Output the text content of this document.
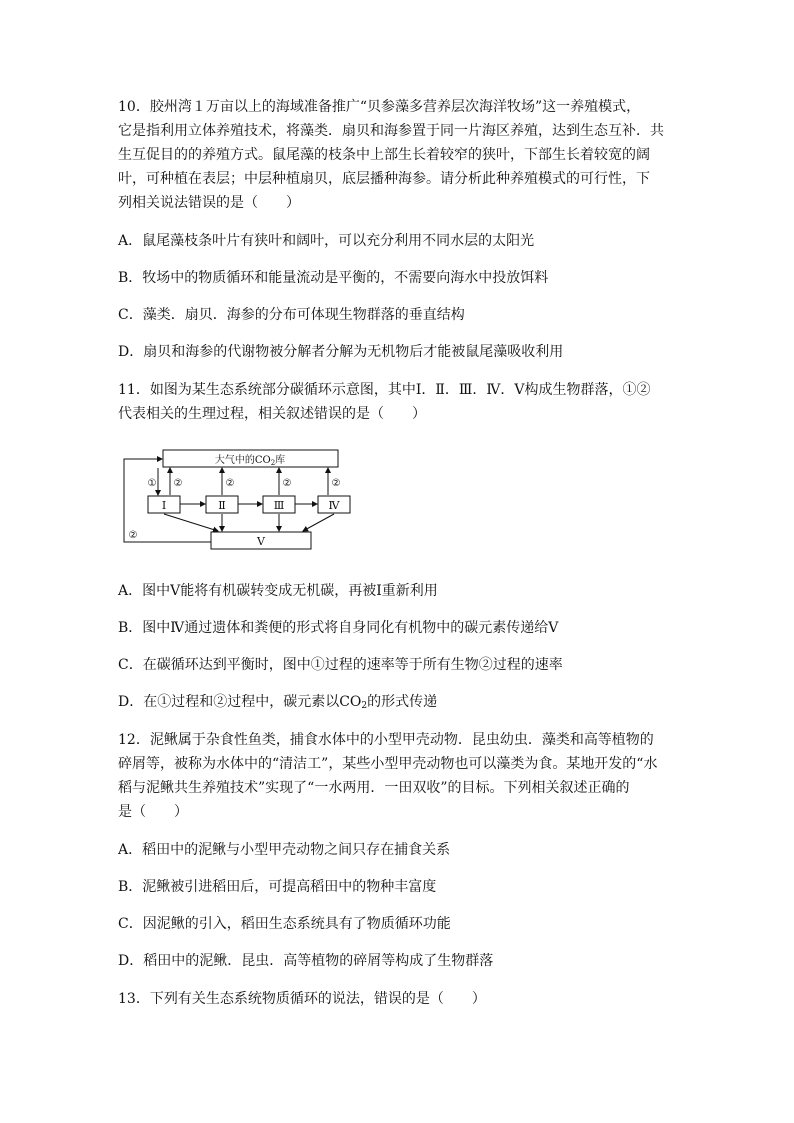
10．胶州湾１万亩以上的海域准备推广“贝参藻多营养层次海洋牧场”这一养殖模式，

它是指利用立体养殖技术，将藻类．扇贝和海参置于同一片海区养殖，达到生态互补．共

生互促目的的养殖方式。鼠尾藻的枝条中上部生长着较窄的狭叶，下部生长着较宽的阔

叶，可种植在表层；中层种植扇贝，底层播种海参。请分析此种养殖模式的可行性，下

列相关说法错误的是（　　）

A．鼠尾藻枝条叶片有狭叶和阔叶，可以充分利用不同水层的太阳光

B．牧场中的物质循环和能量流动是平衡的，不需要向海水中投放饵料

C．藻类．扇贝．海参的分布可体现生物群落的垂直结构

D．扇贝和海参的代谢物被分解者分解为无机物后才能被鼠尾藻吸收利用

11．如图为某生态系统部分碳循环示意图，其中Ⅰ．Ⅱ．Ⅲ．Ⅳ．Ⅴ构成生物群落，①②

代表相关的生理过程，相关叙述错误的是（　　）

大气中的$CO_2$库
Ⅰ	Ⅱ	Ⅲ	Ⅳ
Ⅴ
① ②	②	②	②
②

A．图中Ⅴ能将有机碳转变成无机碳，再被Ⅰ重新利用

B．图中Ⅳ通过遗体和粪便的形式将自身同化有机物中的碳元素传递给Ⅴ

C．在碳循环达到平衡时，图中①过程的速率等于所有生物②过程的速率

D．在①过程和②过程中，碳元素以$CO_2$的形式传递

12．泥鳅属于杂食性鱼类，捕食水体中的小型甲壳动物．昆虫幼虫．藻类和高等植物的

碎屑等，被称为水体中的“清洁工”，某些小型甲壳动物也可以藻类为食。某地开发的“水

稻与泥鳅共生养殖技术”实现了“一水两用．一田双收”的目标。下列相关叙述正确的

是（　　）

A．稻田中的泥鳅与小型甲壳动物之间只存在捕食关系

B．泥鳅被引进稻田后，可提高稻田中的物种丰富度

C．因泥鳅的引入，稻田生态系统具有了物质循环功能

D．稻田中的泥鳅．昆虫．高等植物的碎屑等构成了生物群落

13．下列有关生态系统物质循环的说法，错误的是（　　）
